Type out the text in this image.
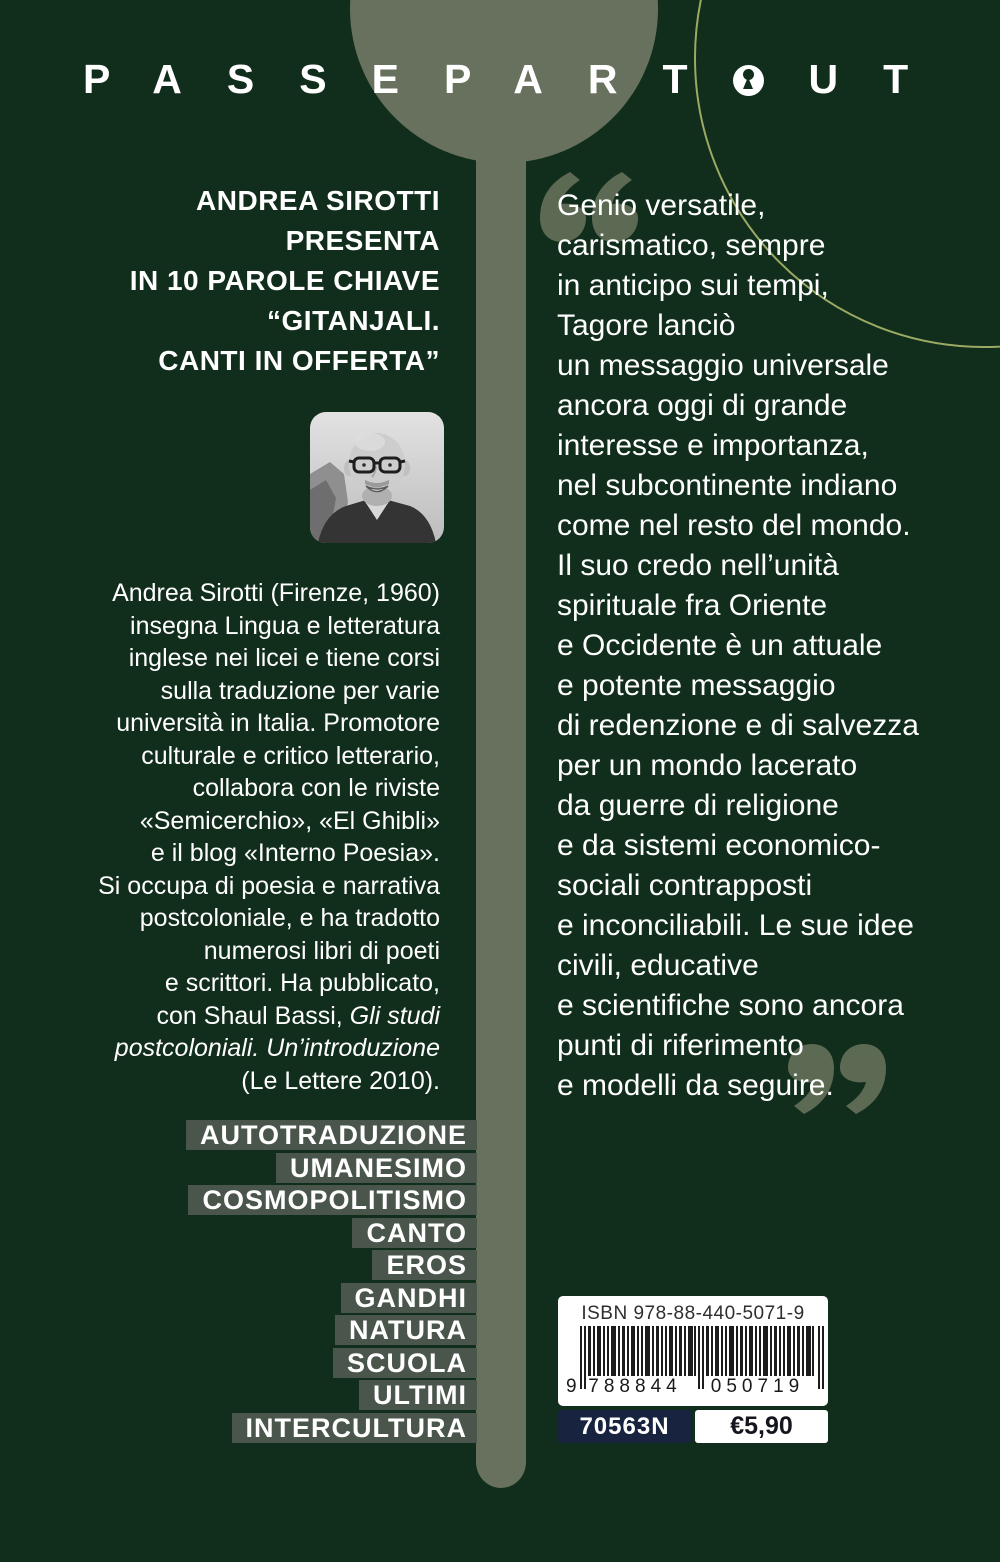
PASSEPART UT
ANDREA SIROTTI
PRESENTA
IN 10 PAROLE CHIAVE
“GITANJALI.
CANTI IN OFFERTA”
Andrea Sirotti (Firenze, 1960)
insegna Lingua e letteratura
inglese nei licei e tiene corsi
sulla traduzione per varie
università in Italia. Promotore
culturale e critico letterario,
collabora con le riviste
«Semicerchio», «El Ghibli»
e il blog «Interno Poesia».
Si occupa di poesia e narrativa
postcoloniale, e ha tradotto
numerosi libri di poeti
e scrittori. Ha pubblicato,
con Shaul Bassi, Gli studi
postcoloniali. Un’introduzione
(Le Lettere 2010).
AUTOTRADUZIONE
UMANESIMO
COSMOPOLITISMO
CANTO
EROS
GANDHI
NATURA
SCUOLA
ULTIMI
INTERCULTURA
Genio versatile,
carismatico, sempre
in anticipo sui tempi,
Tagore lanciò
un messaggio universale
ancora oggi di grande
interesse e importanza,
nel subcontinente indiano
come nel resto del mondo.
Il suo credo nell’unità
spirituale fra Oriente
e Occidente è un attuale
e potente messaggio
di redenzione e di salvezza
per un mondo lacerato
da guerre di religione
e da sistemi economico-
sociali contrapposti
e inconciliabili. Le sue idee
civili, educative
e scientifiche sono ancora
punti di riferimento
e modelli da seguire.
ISBN 978-88-440-5071-9
9 788844	050719
70563N €5,90
